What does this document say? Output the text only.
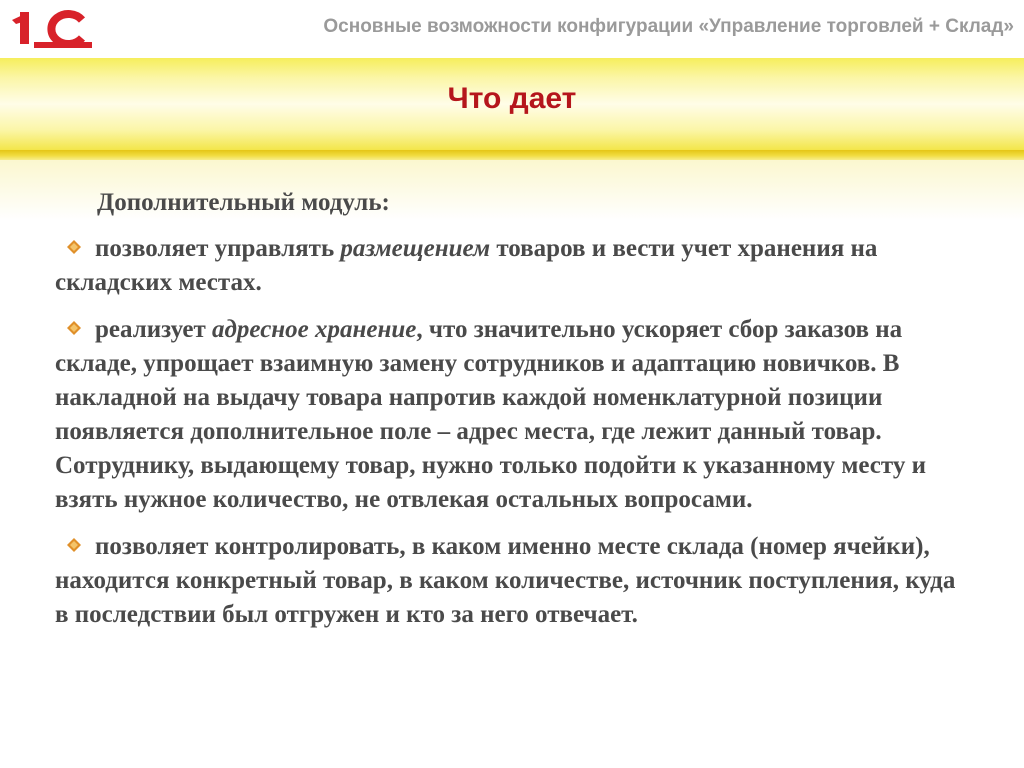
Основные возможности конфигурации «Управление торговлей + Склад»
Что дает
Дополнительный модуль:
позволяет управлять размещением товаров и вести учет хранения на складских местах.
реализует адресное хранение, что значительно ускоряет сбор заказов на складе, упрощает взаимную замену сотрудников и адаптацию новичков. В накладной на выдачу товара напротив каждой номенклатурной позиции появляется дополнительное поле – адрес места, где лежит данный товар. Сотруднику, выдающему товар, нужно только подойти к указанному месту и взять нужное количество, не отвлекая остальных вопросами.
позволяет контролировать, в каком именно месте склада (номер ячейки), находится конкретный товар, в каком количестве, источник поступления, куда в последствии был отгружен и кто за него отвечает.
